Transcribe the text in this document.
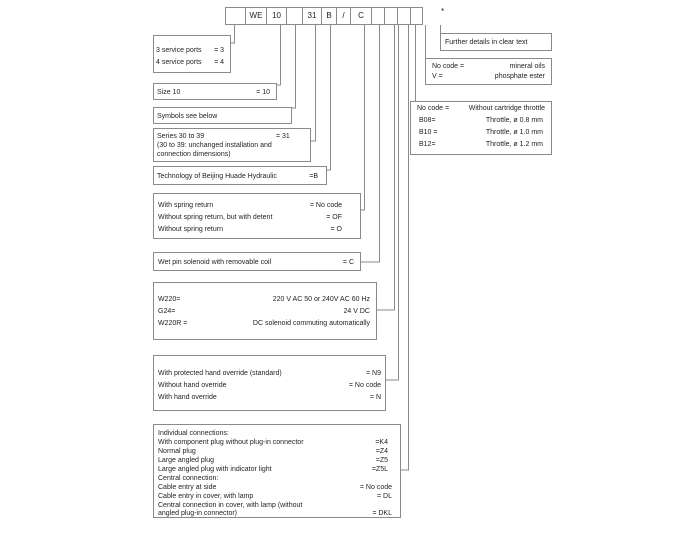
WE	10	31	B	/	C	*
Further details in clear text
No code =	mineral oils
V =	phosphate ester
No code =	Without cartridge throttle
B08=	Throttle, ø 0.8 mm
B10 =	Throttle, ø 1.0 mm
B12=	Throttle, ø 1.2 mm
3 service ports = 3
4 service ports = 4
Size 10	= 10
Symbols see below
Series 30 to 39	= 31
(30 to 39: unchanged installation and
connection dimensions)
Technology of Beijing Huade Hydraulic	=B
With spring return	= No code
Without spring return, but with detent	= OF
Without spring return	= O
Wet pin solenoid with removable coil	= C
W220=	220 V AC 50 or 240V AC 60 Hz
G24=	24 V DC
W220R =	DC solenoid commuting automatically
With protected hand override (standard)	= N9
Without hand override	= No code
With hand override	= N
Individual connections:
With component plug without plug-in connector	=K4
Normal plug	=Z4
Large angled plug	=Z5
Large angled plug with indicator light	=Z5L
Central connection:
Cable entry at side	= No code
Cable entry in cover, with lamp	= DL
Central connection in cover, with lamp (without
angled plug-in connector)	= DKL
